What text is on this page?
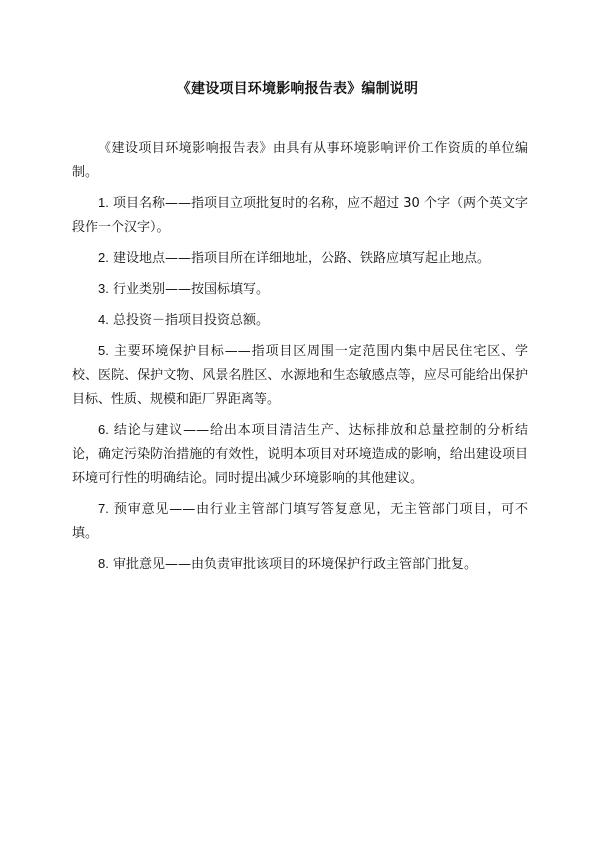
《建设项目环境影响报告表》编制说明

《建设项目环境影响报告表》由具有从事环境影响评价工作资质的单位编制。

1. 项目名称——指项目立项批复时的名称，应不超过 30 个字（两个英文字段作一个汉字）。

2. 建设地点——指项目所在详细地址，公路、铁路应填写起止地点。

3. 行业类别——按国标填写。

4. 总投资－指项目投资总额。

5. 主要环境保护目标——指项目区周围一定范围内集中居民住宅区、学校、医院、保护文物、风景名胜区、水源地和生态敏感点等，应尽可能给出保护目标、性质、规模和距厂界距离等。

6. 结论与建议——给出本项目清洁生产、达标排放和总量控制的分析结论，确定污染防治措施的有效性，说明本项目对环境造成的影响，给出建设项目环境可行性的明确结论。同时提出减少环境影响的其他建议。

7. 预审意见——由行业主管部门填写答复意见，无主管部门项目，可不填。

8. 审批意见——由负责审批该项目的环境保护行政主管部门批复。
